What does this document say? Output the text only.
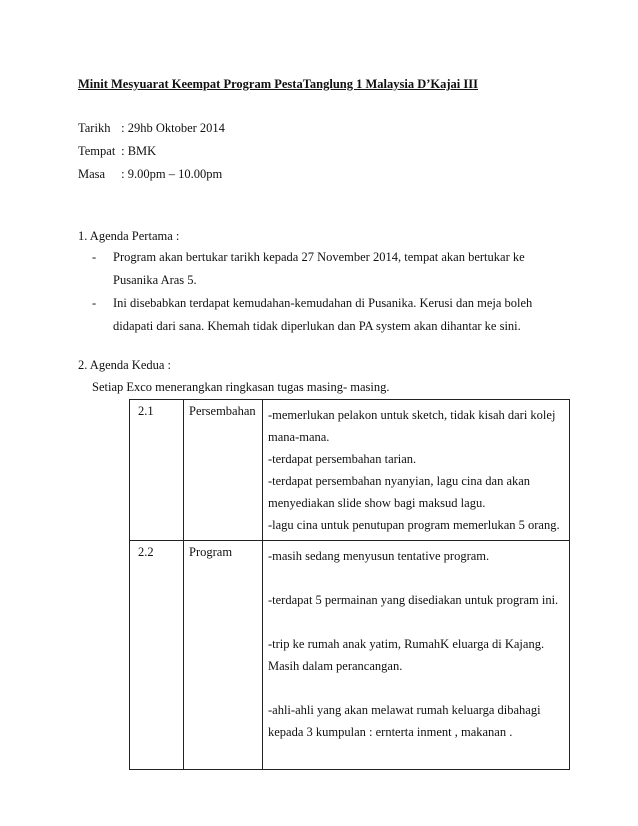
Minit Mesyuarat Keempat Program PestaTanglung 1 Malaysia D’Kajai III
Tarikh : 29hb Oktober 2014
Tempat : BMK
Masa : 9.00pm – 10.00pm
1. Agenda Pertama :
- Program akan bertukar tarikh kepada 27 November 2014, tempat akan bertukar ke
Pusanika Aras 5.
- Ini disebabkan terdapat kemudahan-kemudahan di Pusanika. Kerusi dan meja boleh
didapati dari sana. Khemah tidak diperlukan dan PA system akan dihantar ke sini.
2. Agenda Kedua :
Setiap Exco menerangkan ringkasan tugas masing- masing.
2.1	Persembahan	-memerlukan pelakon untuk sketch, tidak kisah dari kolej mana-mana.
-terdapat persembahan tarian.
-terdapat persembahan nyanyian, lagu cina dan akan menyediakan slide show bagi maksud lagu.
-lagu cina untuk penutupan program memerlukan 5 orang.

2.2	Program	-masih sedang menyusun tentative program.
-terdapat 5 permainan yang disediakan untuk program ini.
-trip ke rumah anak yatim, RumahK eluarga di Kajang. Masih dalam perancangan.
-ahli-ahli yang akan melawat rumah keluarga dibahagi kepada 3 kumpulan : ernterta inment , makanan .
